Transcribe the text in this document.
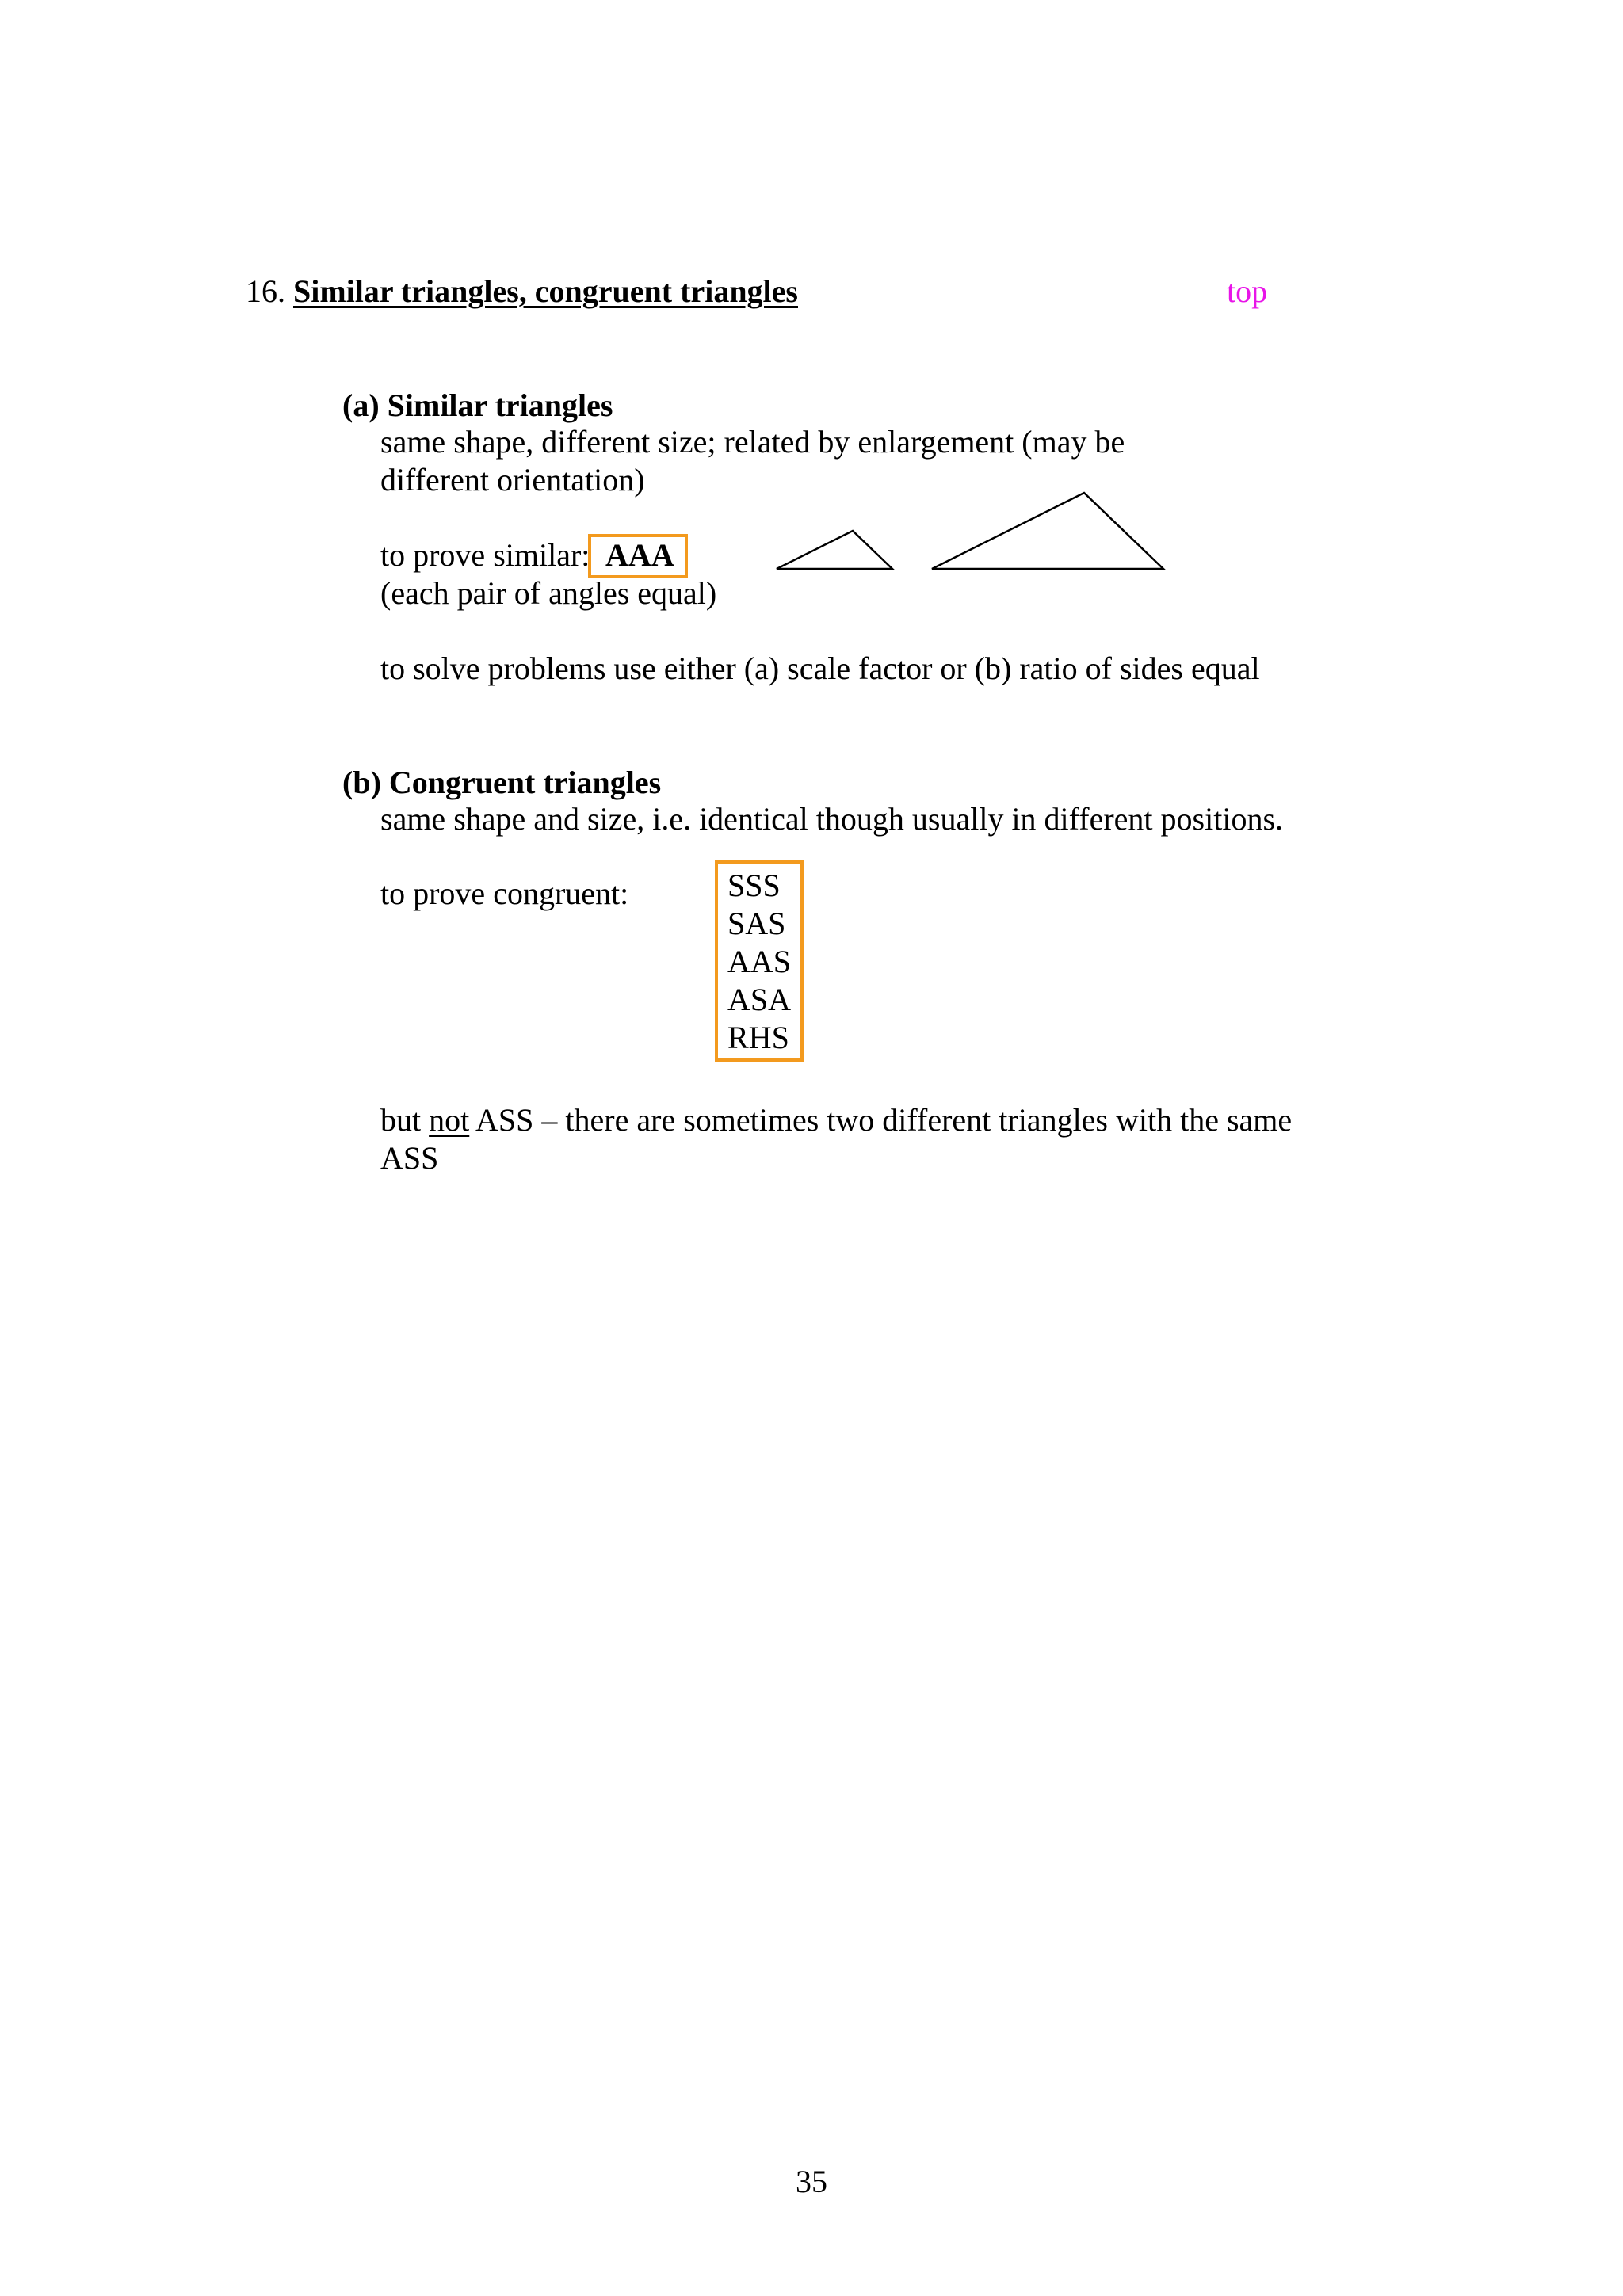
16. Similar triangles, congruent triangles	top
(a) Similar triangles
same shape, different size; related by enlargement (may be
different orientation)
to prove similar: AAA
(each pair of angles equal)
to solve problems use either (a) scale factor or (b) ratio of sides equal
(b) Congruent triangles
same shape and size, i.e. identical though usually in different positions.
to prove congruent:	SSS
SAS
AAS
ASA
RHS
but not ASS – there are sometimes two different triangles with the same
ASS
35
